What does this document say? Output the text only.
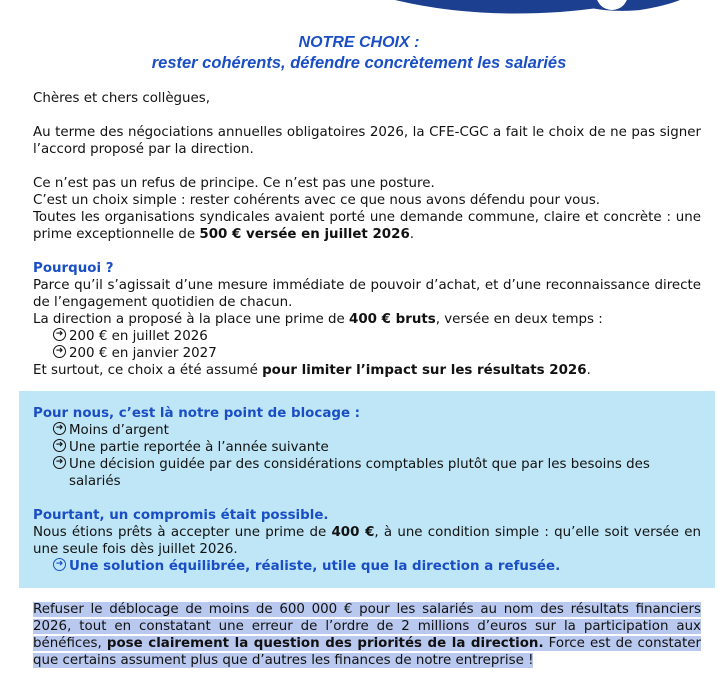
NOTRE CHOIX :
rester cohérents, défendre concrètement les salariés

Chères et chers collègues,

Au terme des négociations annuelles obligatoires 2026, la CFE-CGC a fait le choix de ne pas signer l’accord proposé par la direction.

Ce n’est pas un refus de principe. Ce n’est pas une posture.

C’est un choix simple : rester cohérents avec ce que nous avons défendu pour vous.

Toutes les organisations syndicales avaient porté une demande commune, claire et concrète : une prime exceptionnelle de 500 € versée en juillet 2026.

Pourquoi ?

Parce qu’il s’agissait d’une mesure immédiate de pouvoir d’achat, et d’une reconnaissance directe de l’engagement quotidien de chacun.

La direction a proposé à la place une prime de 400 € bruts, versée en deux temps :

➜ 200 € en juillet 2026
➜ 200 € en janvier 2027

Et surtout, ce choix a été assumé pour limiter l’impact sur les résultats 2026.

Pour nous, c’est là notre point de blocage :

➜ Moins d’argent
➜ Une partie reportée à l’année suivante
➜ Une décision guidée par des considérations comptables plutôt que par les besoins des salariés

Pourtant, un compromis était possible.

Nous étions prêts à accepter une prime de 400 €, à une condition simple : qu’elle soit versée en une seule fois dès juillet 2026.

➜ Une solution équilibrée, réaliste, utile que la direction a refusée.

Refuser le déblocage de moins de 600 000 € pour les salariés au nom des résultats financiers 2026, tout en constatant une erreur de l’ordre de 2 millions d’euros sur la participation aux bénéfices, pose clairement la question des priorités de la direction. Force est de constater que certains assument plus que d’autres les finances de notre entreprise !
